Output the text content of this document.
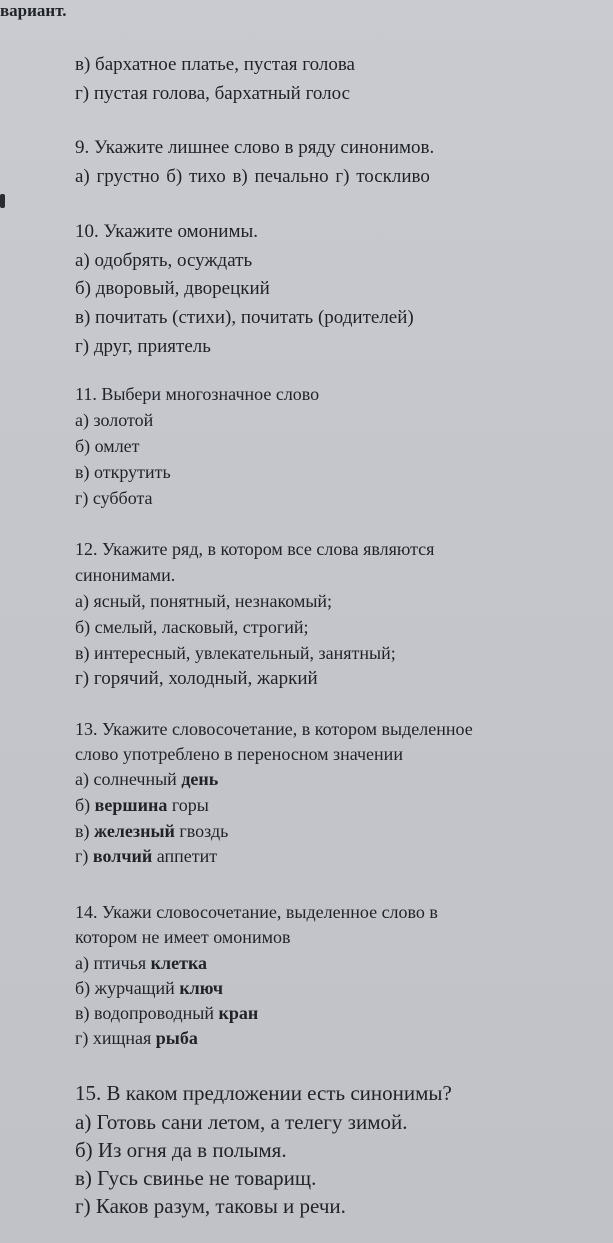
вариант.
в) бархатное платье, пустая голова
г) пустая голова, бархатный голос
9. Укажите лишнее слово в ряду синонимов.
а) грустно б) тихо в) печально г) тоскливо
10. Укажите омонимы.
а) одобрять, осуждать
б) дворовый, дворецкий
в) почитать (стихи), почитать (родителей)
г) друг, приятель
11. Выбери многозначное слово
а) золотой
б) омлет
в) открутить
г) суббота
12. Укажите ряд, в котором все слова являются
синонимами.
а) ясный, понятный, незнакомый;
б) смелый, ласковый, строгий;
в) интересный, увлекательный, занятный;
г) горячий, холодный, жаркий
13. Укажите словосочетание, в котором выделенное
слово употреблено в переносном значении
а) солнечный день
б) вершина горы
в) железный гвоздь
г) волчий аппетит
14. Укажи словосочетание, выделенное слово в
котором не имеет омонимов
а) птичья клетка
б) журчащий ключ
в) водопроводный кран
г) хищная рыба
15. В каком предложении есть синонимы?
а) Готовь сани летом, а телегу зимой.
б) Из огня да в полымя.
в) Гусь свинье не товарищ.
г) Каков разум, таковы и речи.
